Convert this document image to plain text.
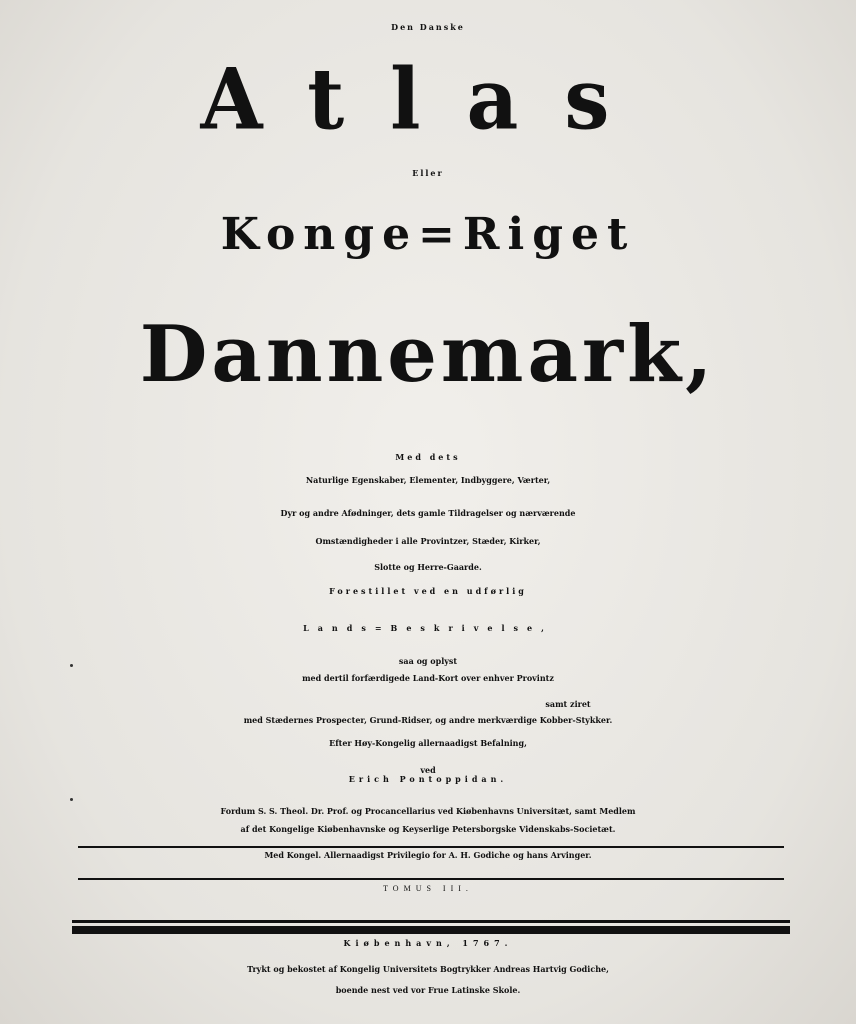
Den Danske
Atlas
Eller
Konge=Riget
Dannemark,
Med dets
Naturlige Egenskaber, Elementer, Indbyggere, Værter,
Dyr og andre Afødninger, dets gamle Tildragelser og nærværende
Omstændigheder i alle Provintzer, Stæder, Kirker,
Slotte og Herre-Gaarde.
Forestillet ved en udførlig
Lands=Beskrivelse,
saa og oplyst
med dertil forfærdigede Land-Kort over enhver Provintz
samt ziret
med Stædernes Prospecter, Grund-Ridser, og andre merkværdige Kobber-Stykker.
Efter Høy-Kongelig allernaadigst Befalning,
ved
Erich Pontoppidan.
Fordum S. S. Theol. Dr. Prof. og Procancellarius ved Kiøbenhavns Universitæt, samt Medlem
af det Kongelige Kiøbenhavnske og Keyserlige Petersborgske Videnskabs-Societæt.
Med Kongel. Allernaadigst Privilegio for A. H. Godiche og hans Arvinger.
TOMUS III.
Kiøbenhavn, 1767.
Trykt og bekostet af Kongelig Universitets Bogtrykker Andreas Hartvig Godiche,
boende nest ved vor Frue Latinske Skole.
